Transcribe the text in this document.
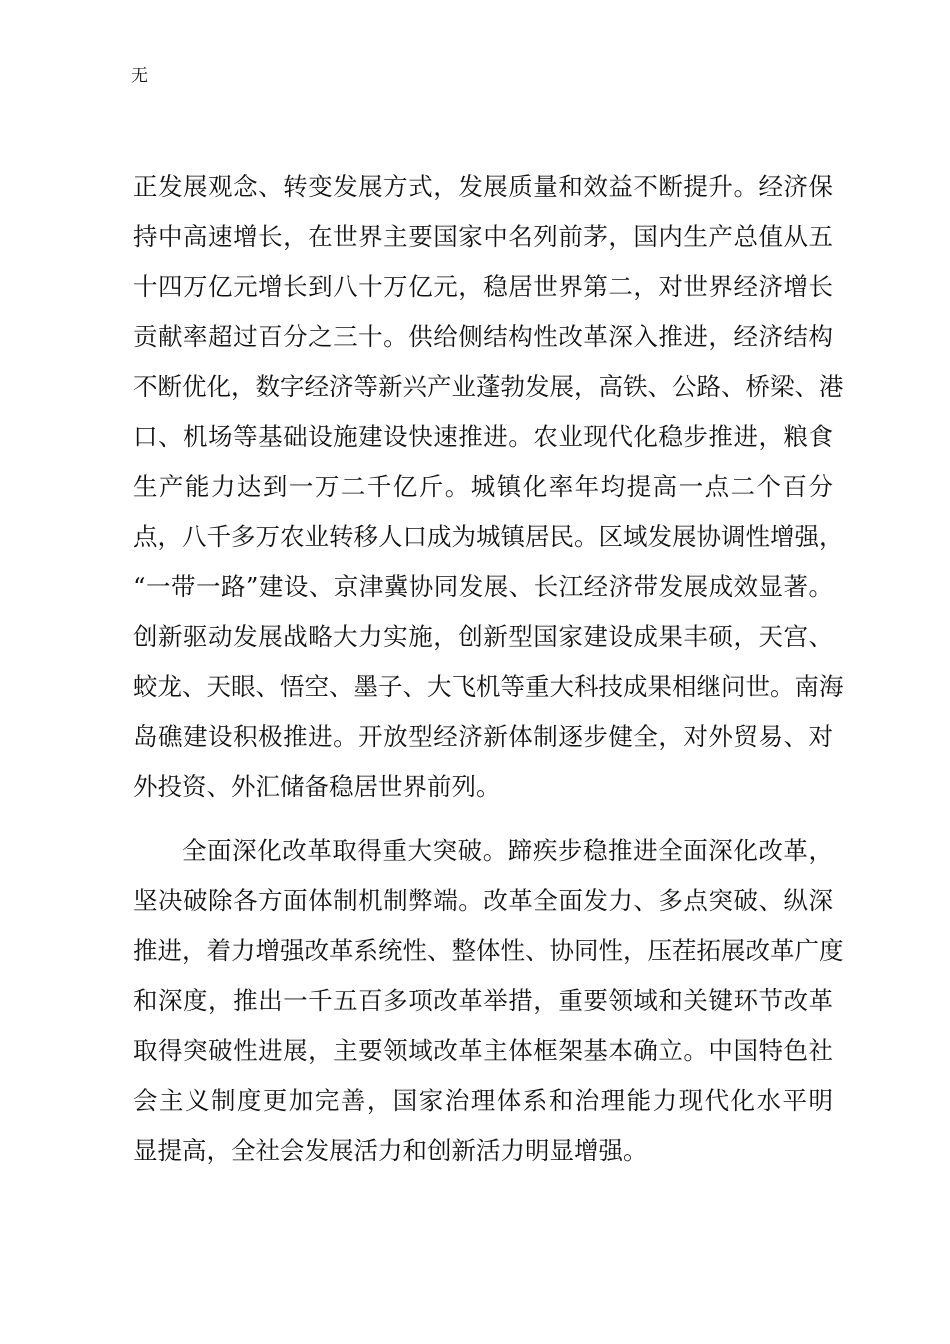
无
正发展观念、转变发展方式，发展质量和效益不断提升。经济保
持中高速增长，在世界主要国家中名列前茅，国内生产总值从五
十四万亿元增长到八十万亿元，稳居世界第二，对世界经济增长
贡献率超过百分之三十。供给侧结构性改革深入推进，经济结构
不断优化，数字经济等新兴产业蓬勃发展，高铁、公路、桥梁、港
口、机场等基础设施建设快速推进。农业现代化稳步推进，粮食
生产能力达到一万二千亿斤。城镇化率年均提高一点二个百分
点，八千多万农业转移人口成为城镇居民。区域发展协调性增强，
“一带一路”建设、京津冀协同发展、长江经济带发展成效显著。
创新驱动发展战略大力实施，创新型国家建设成果丰硕，天宫、
蛟龙、天眼、悟空、墨子、大飞机等重大科技成果相继问世。南海
岛礁建设积极推进。开放型经济新体制逐步健全，对外贸易、对
外投资、外汇储备稳居世界前列。
全面深化改革取得重大突破。蹄疾步稳推进全面深化改革，
坚决破除各方面体制机制弊端。改革全面发力、多点突破、纵深
推进，着力增强改革系统性、整体性、协同性，压茬拓展改革广度
和深度，推出一千五百多项改革举措，重要领域和关键环节改革
取得突破性进展，主要领域改革主体框架基本确立。中国特色社
会主义制度更加完善，国家治理体系和治理能力现代化水平明
显提高，全社会发展活力和创新活力明显增强。
